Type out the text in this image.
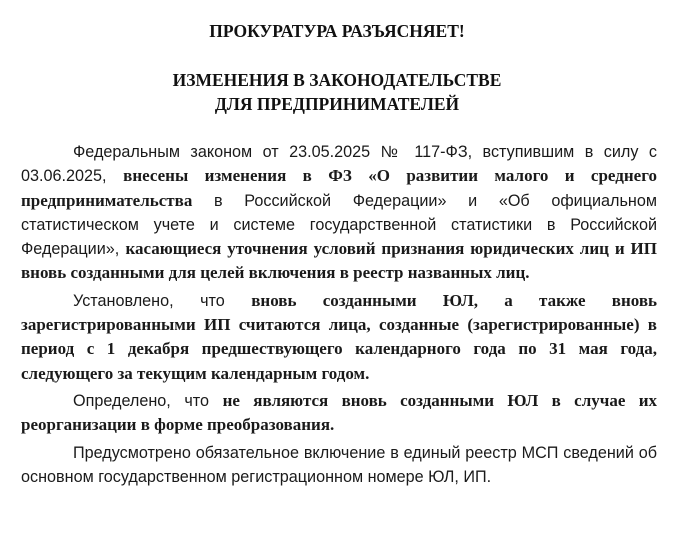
ПРОКУРАТУРА РАЗЪЯСНЯЕТ!
ИЗМЕНЕНИЯ В ЗАКОНОДАТЕЛЬСТВЕ
ДЛЯ ПРЕДПРИНИМАТЕЛЕЙ

Федеральным законом от 23.05.2025 № 117-ФЗ, вступившим в силу с 03.06.2025, внесены изменения в ФЗ «О развитии малого и среднего предпринимательства в Российской Федерации» и «Об официальном статистическом учете и системе государственной статистики в Российской Федерации», касающиеся уточнения условий признания юридических лиц и ИП вновь созданными для целей включения в реестр названных лиц.

Установлено, что вновь созданными ЮЛ, а также вновь зарегистрированными ИП считаются лица, созданные (зарегистрированные) в период с 1 декабря предшествующего календарного года по 31 мая года, следующего за текущим календарным годом.

Определено, что не являются вновь созданными ЮЛ в случае их реорганизации в форме преобразования.

Предусмотрено обязательное включение в единый реестр МСП сведений об основном государственном регистрационном номере ЮЛ, ИП.
